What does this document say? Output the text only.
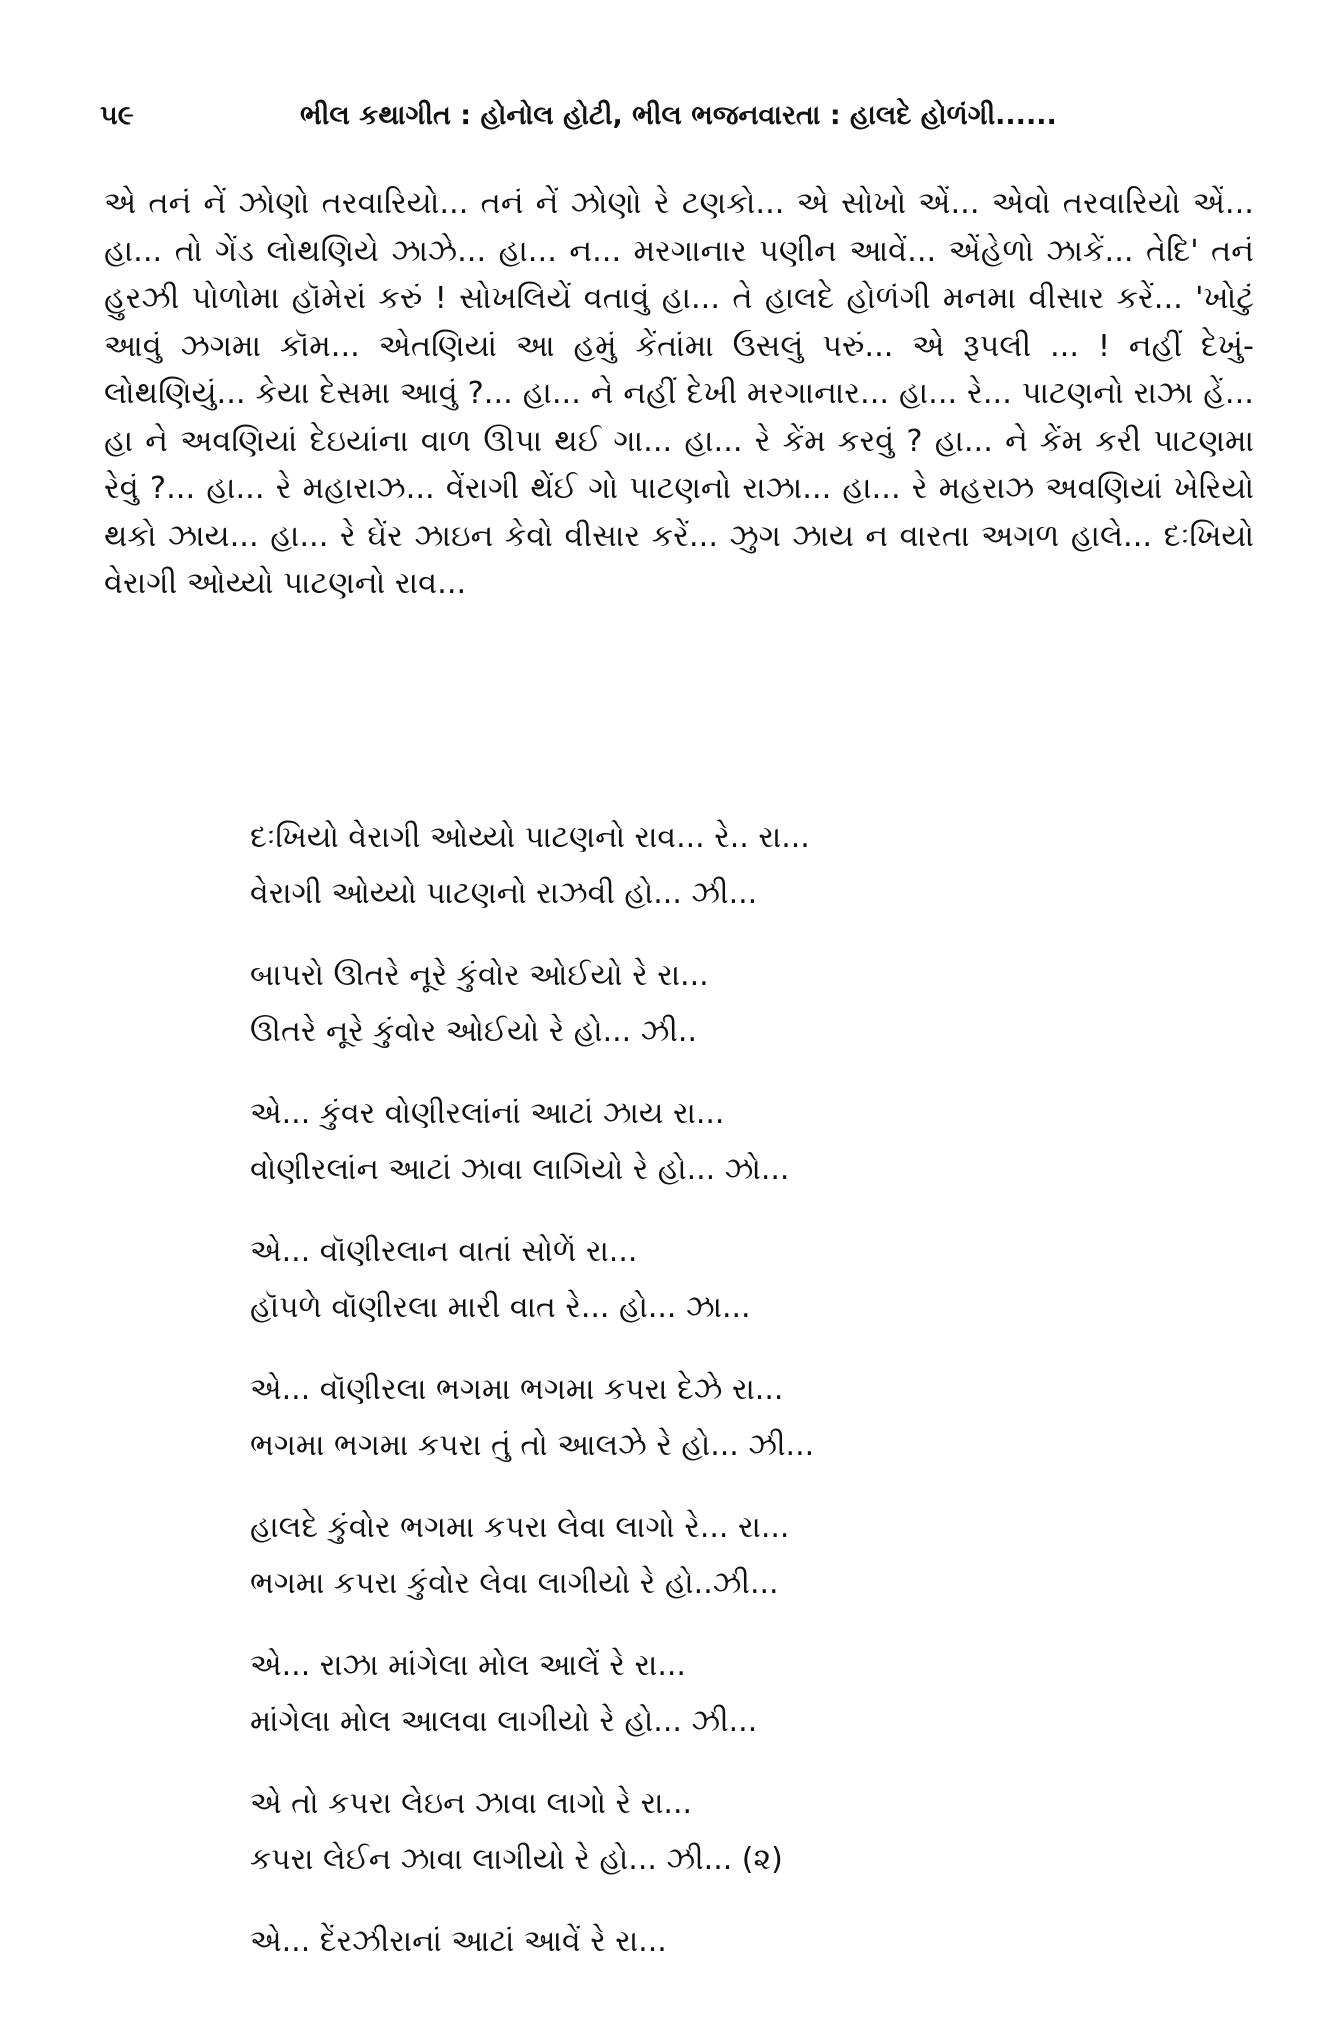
૫૯	ભીલ કથાગીત : હોનોલ હોટી, ભીલ ભજનવારતા : હાલદે હોળંગી......

એ તનં નેં ઝોણો તરવારિયો... તનં નેં ઝોણો રે ટણકો... એ સોખો એં... એવો તરવારિયો એં... હા... તો ગેંડ લોથણિયે ઝાઝે... હા... ન... મરગાનાર પણીન આવેં... એંહેળો ઝાકેં... તેદિ' તનં હુરઝી પોળોમા હૉમેરાં કરું ! સોખલિયેં વતાવું હા... તે હાલદે હોળંગી મનમા વીસાર કરેં... 'ખોટું આવું ઝગમા કૉમ... એતણિયાં આ હમું કેંતાંમા ઉસલું પરું... એ રૂપલી ... ! નહીં દેખું-લોથણિયું... કેયા દેસમા આવું ?... હા... ને નહીં દેખી મરગાનાર... હા... રે... પાટણનો રાઝા હેં... હા ને અવણિયાં દેઇયાંના વાળ ઊપા થઈ ગા... હા... રે કેંમ કરવું ? હા... ને કેંમ કરી પાટણમા રેવું ?... હા... રે મહારાઝ... વેંરાગી થેંઈ ગો પાટણનો રાઝા... હા... રે મહરાઝ અવણિયાં ખેરિયો થકો ઝાય... હા... રે ઘેંર ઝાઇન કેવો વીસાર કરેં... ઝુગ ઝાય ન વારતા અગળ હાલે... દઃખિયો વેરાગી ઓય્યો પાટણનો રાવ...

દઃખિયો વેરાગી ઓય્યો પાટણનો રાવ... રે.. રા...
વેરાગી ઓય્યો પાટણનો રાઝવી હો... ઝી...
બાપરો ઊતરે નૂરે કુંવોર ઓઈયો રે રા...
ઊતરે નૂરે કુંવોર ઓઈયો રે હો... ઝી..
એ... કુંવર વોણીરલાંનાં આટાં ઝાય રા...
વોણીરલાંન આટાં ઝાવા લાગિયો રે હો... ઝો...
એ... વૉણીરલાન વાતાં સોળેં રા...
હૉપળે વૉણીરલા મારી વાત રે... હો... ઝા...
એ... વૉણીરલા ભગમા ભગમા કપરા દેઝે રા...
ભગમા ભગમા કપરા તું તો આલઝે રે હો... ઝી...
હાલદે કુંવોર ભગમા કપરા લેવા લાગો રે... રા...
ભગમા કપરા કુંવોર લેવા લાગીયો રે હો..ઝી...
એ... રાઝા માંગેલા મોલ આલેં રે રા...
માંગેલા મોલ આલવા લાગીયો રે હો... ઝી...
એ તો કપરા લેઇન ઝાવા લાગો રે રા...
કપરા લેઈન ઝાવા લાગીયો રે હો... ઝી... (૨)
એ... દેંરઝીરાનાં આટાં આવેં રે રા...
